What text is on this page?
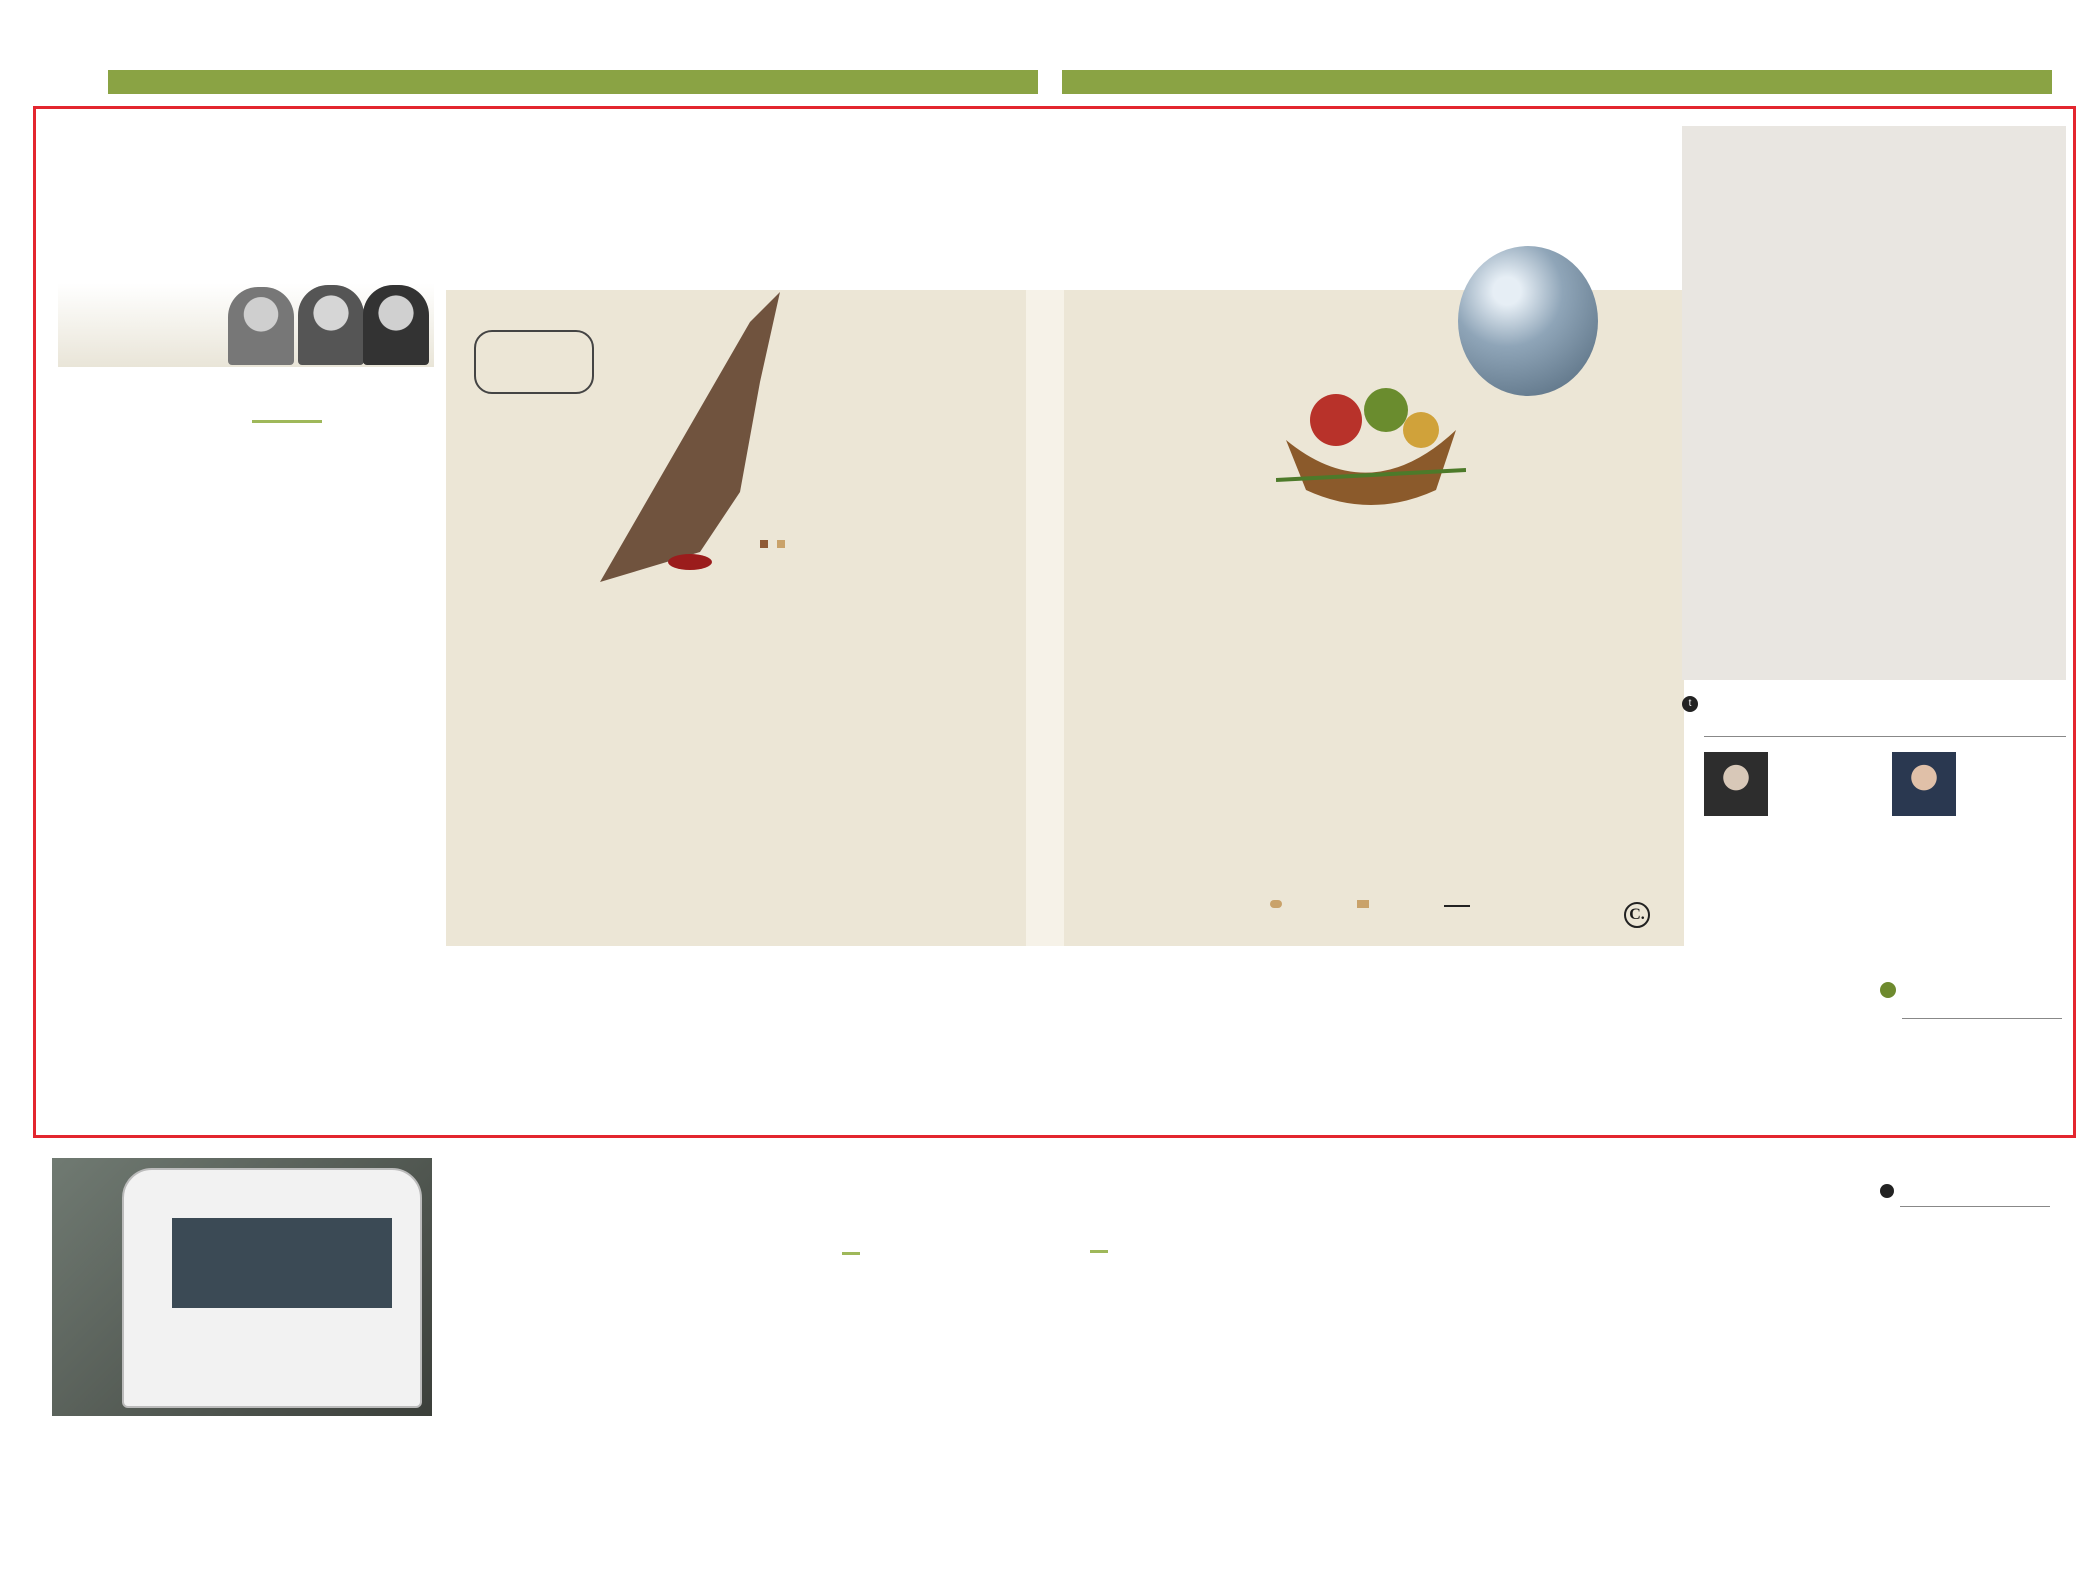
C.
t
